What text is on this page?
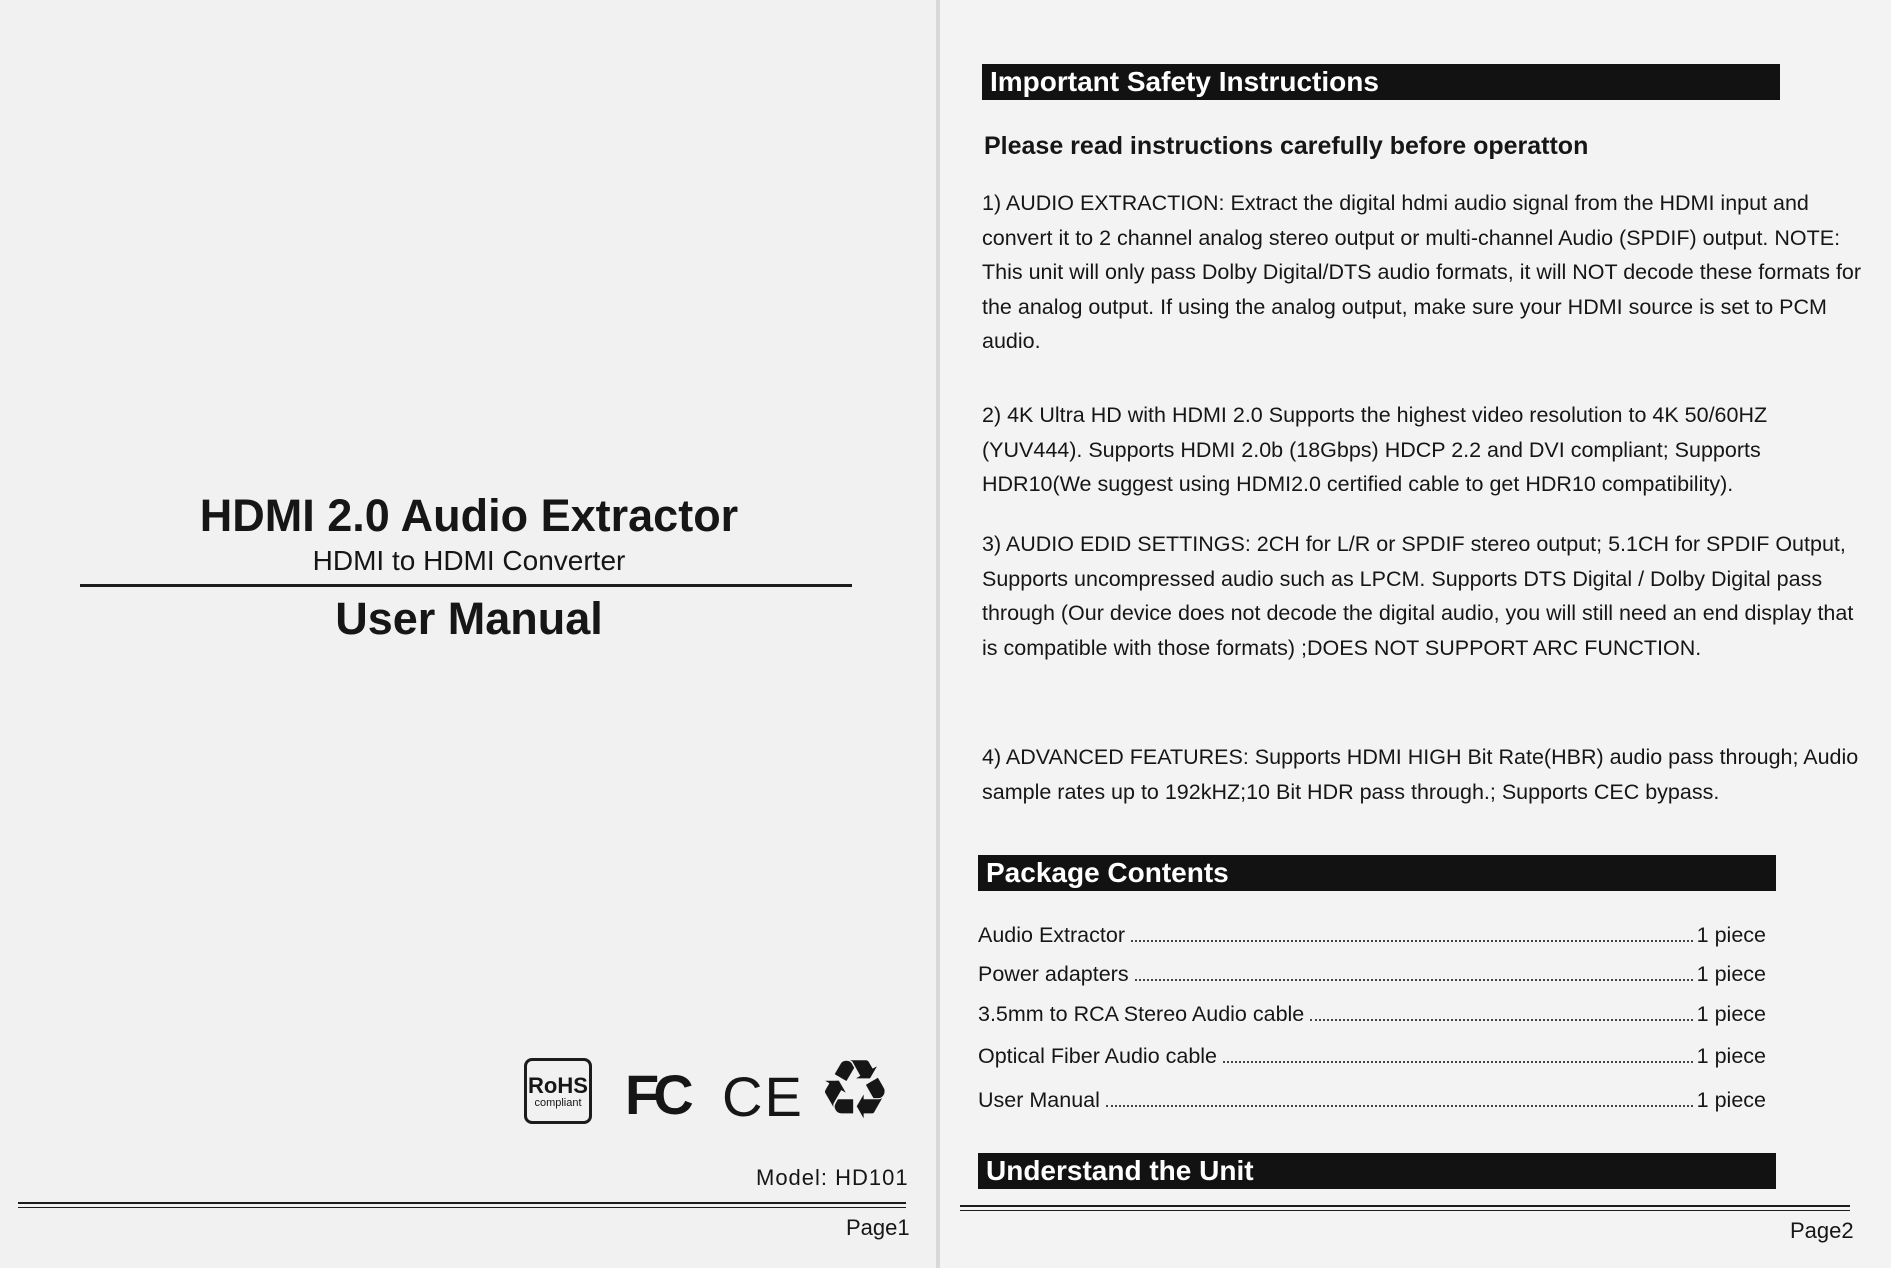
HDMI 2.0 Audio Extractor
HDMI to HDMI Converter
User Manual
RoHS
compliant FC CE ♻
Model: HD101
Page1
Important Safety Instructions
Please read instructions carefully before operatton
1) AUDIO EXTRACTION: Extract the digital hdmi audio signal from the HDMI input and convert it to 2 channel analog stereo output or multi-channel Audio (SPDIF) output. NOTE: This unit will only pass Dolby Digital/DTS audio formats, it will NOT decode these formats for the analog output. If using the analog output, make sure your HDMI source is set to PCM audio.
2) 4K Ultra HD with HDMI 2.0 Supports the highest video resolution to 4K 50/60HZ (YUV444). Supports HDMI 2.0b (18Gbps) HDCP 2.2 and DVI compliant; Supports HDR10(We suggest using HDMI2.0 certified cable to get HDR10 compatibility).
3) AUDIO EDID SETTINGS: 2CH for L/R or SPDIF stereo output; 5.1CH for SPDIF Output, Supports uncompressed audio such as LPCM. Supports DTS Digital / Dolby Digital pass through (Our device does not decode the digital audio, you will still need an end display that is compatible with those formats) ;DOES NOT SUPPORT ARC FUNCTION.
4) ADVANCED FEATURES: Supports HDMI HIGH Bit Rate(HBR) audio pass through; Audio sample rates up to 192kHZ;10 Bit HDR pass through.; Supports CEC bypass.
Package Contents
Audio Extractor	1 piece
Power adapters	1 piece
3.5mm to RCA Stereo Audio cable	1 piece
Optical Fiber Audio cable	1 piece
User Manual	1 piece
Understand the Unit
Page2
